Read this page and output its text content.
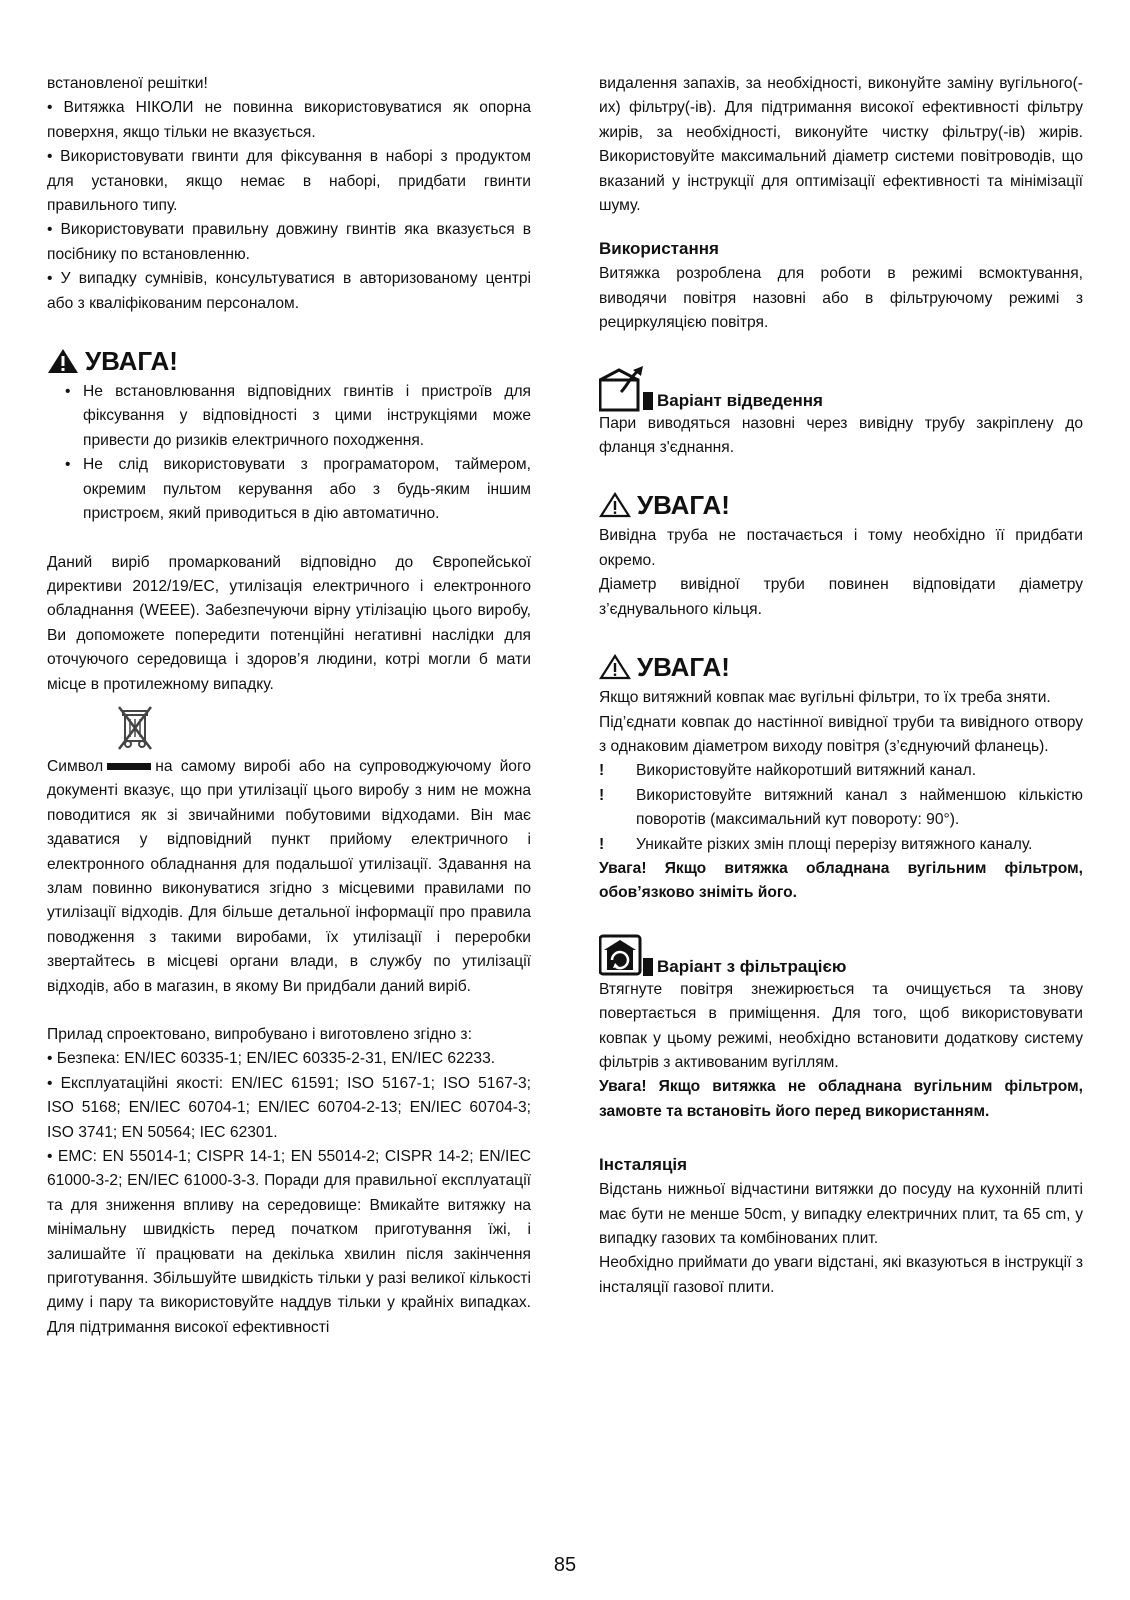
встановленої решітки!

• Витяжка НІКОЛИ не повинна використовуватися як опорна поверхня, якщо тільки не вказується.

• Використовувати гвинти для фіксування в наборі з продуктом для установки, якщо немає в наборі, придбати гвинти правильного типу.

• Використовувати правильну довжину гвинтів яка вказується в посібнику по встановленню.

• У випадку сумнівів, консультуватися в авторизованому центрі або з кваліфікованим персоналом.

УВАГА!
• Не встановлювання відповідних гвинтів і пристроїв для фіксування у відповідності з цими інструкціями може привести до ризиків електричного походження.
• Не слід використовувати з програматором, таймером, окремим пультом керування або з будь-яким іншим пристроєм, який приводиться в дію автоматично.

Даний виріб промаркований відповідно до Європейської директиви 2012/19/EC, утилізація електричного і електронного обладнання (WEEE). Забезпечуючи вірну утілізацію цього виробу, Ви допоможете попередити потенційні негативні наслідки для оточуючого середовища і здоров’я людини, котрі могли б мати місце в протилежному випадку.

Символ	на самому виробі або на супроводжуючому його документі вказує, що при утилізації цього виробу з ним не можна поводитися як зі звичайними побутовими відходами. Він має здаватися у відповідний пункт прийому електричного і електронного обладнання для подальшої утилізації. Здавання на злам повинно виконуватися згідно з місцевими правилами по утилізації відходів. Для більше детальної інформації про правила поводження з такими виробами, їх утилізації і переробки звертайтесь в місцеві органи влади, в службу по утилізації відходів, або в магазин, в якому Ви придбали даний виріб.

Прилад спроектовано, випробувано і виготовлено згідно з:

• Безпека: EN/IEC 60335-1; EN/IEC 60335-2-31, EN/IEC 62233.

• Експлуатаційні якості: EN/IEC 61591; ISO 5167-1; ISO 5167-3; ISO 5168; EN/IEC 60704-1; EN/IEC 60704-2-13; EN/IEC 60704-3; ISO 3741; EN 50564; IEC 62301.

• EMC: EN 55014-1; CISPR 14-1; EN 55014-2; CISPR 14-2; EN/IEC 61000-3-2; EN/IEC 61000-3-3. Поради для правильної експлуатації та для зниження впливу на середовище: Вмикайте витяжку на мінімальну швидкість перед початком приготування їжі, і залишайте її працювати на декілька хвилин після закінчення приготування. Збільшуйте швидкість тільки у разі великої кількості диму і пару та використовуйте наддув тільки у крайніх випадках. Для підтримання високої ефективності

видалення запахів, за необхідності, виконуйте заміну вугільного(-их) фільтру(-ів). Для підтримання високої ефективності фільтру жирів, за необхідності, виконуйте чистку фільтру(-ів) жирів. Використовуйте максимальний діаметр системи повітроводів, що вказаний у інструкції для оптимізації ефективності та мінімізації шуму.

Використання

Витяжка розроблена для роботи в режимі всмоктування, виводячи повітря назовні або в фільтруючому режимі з рециркуляцією повітря.

Варіант відведення

Пари виводяться назовні через вивідну трубу закріплену до фланця з'єднання.

УВАГА!

Вивідна труба не постачається і тому необхідно її придбати окремо.

Діаметр вивідної труби повинен відповідати діаметру з’єднувального кільця.

УВАГА!

Якщо витяжний ковпак має вугільні фільтри, то їх треба зняти.

Під’єднати ковпак до настінної вивідної труби та вивідного отвору з однаковим діаметром виходу повітря (з’єднуючий фланець).

! Використовуйте найкоротший витяжний канал.
! Використовуйте витяжний канал з найменшою кількістю поворотів (максимальний кут повороту: 90°).
! Уникайте різких змін площі перерізу витяжного каналу.

Увага! Якщо витяжка обладнана вугільним фільтром, обов’язково зніміть його.

Варіант з фільтрацією

Втягнуте повітря знежирюється та очищується та знову повертається в приміщення. Для того, щоб використовувати ковпак у цьому режимі, необхідно встановити додаткову систему фільтрів з активованим вугіллям.

Увага! Якщо витяжка не обладнана вугільним фільтром, замовте та встановіть його перед використанням.

Інсталяція

Відстань нижньої відчастини витяжки до посуду на кухонній плиті має бути не менше 50cm, у випадку електричних плит, та 65 cm, у випадку газових та комбінованих плит.

Необхідно приймати до уваги відстані, які вказуються в інструкції з інсталяції газової плити.

85
